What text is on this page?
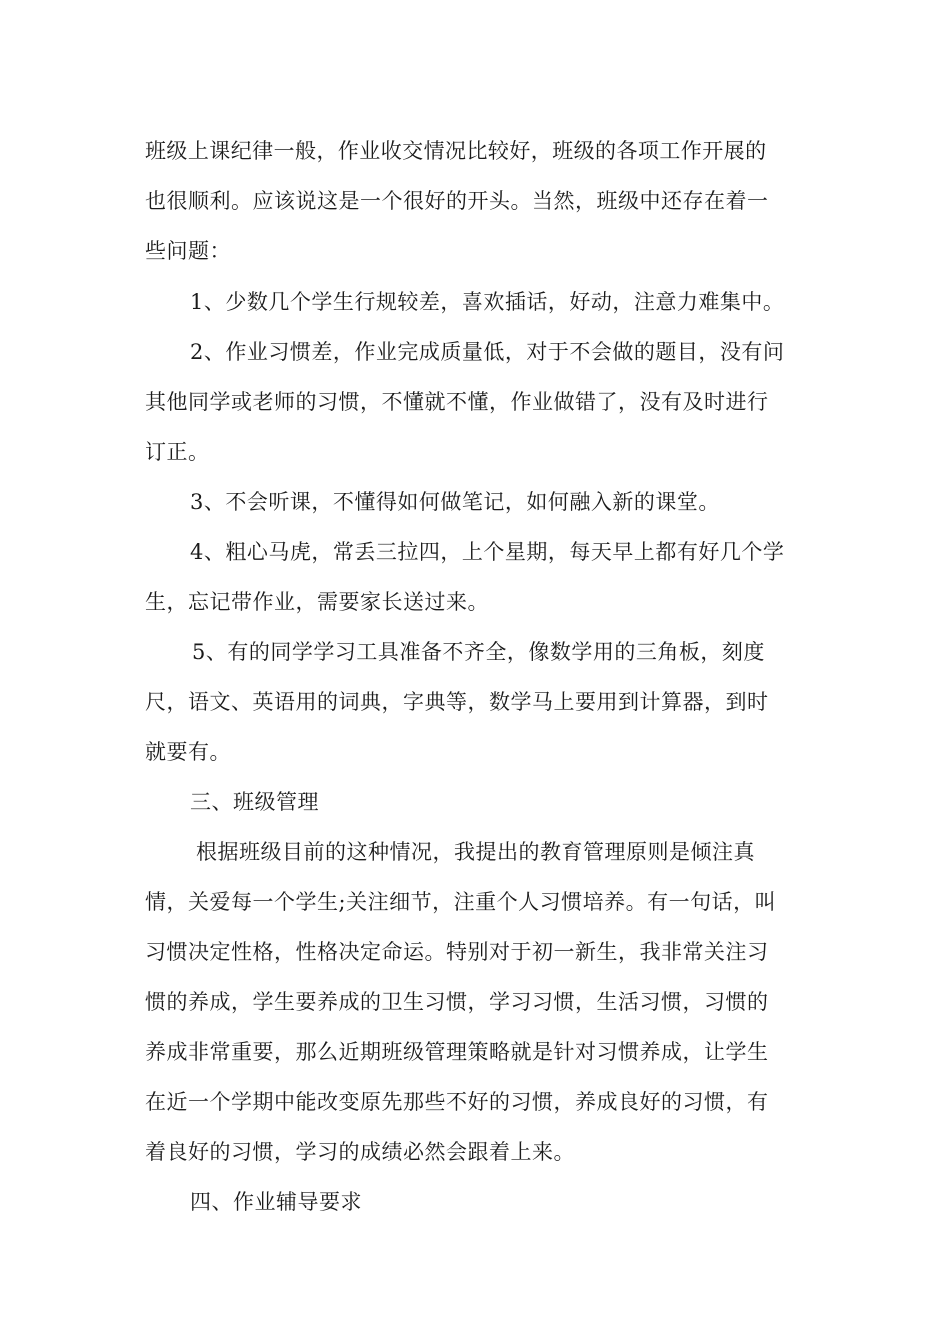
班级上课纪律一般，作业收交情况比较好，班级的各项工作开展的
也很顺利。应该说这是一个很好的开头。当然，班级中还存在着一
些问题：
1、少数几个学生行规较差，喜欢插话，好动，注意力难集中。
2、作业习惯差，作业完成质量低，对于不会做的题目，没有问
其他同学或老师的习惯，不懂就不懂，作业做错了，没有及时进行
订正。
3、不会听课，不懂得如何做笔记，如何融入新的课堂。
4、粗心马虎，常丢三拉四，上个星期，每天早上都有好几个学
生，忘记带作业，需要家长送过来。
5、有的同学学习工具准备不齐全，像数学用的三角板，刻度
尺，语文、英语用的词典，字典等，数学马上要用到计算器，到时
就要有。
三、班级管理
根据班级目前的这种情况，我提出的教育管理原则是倾注真
情，关爱每一个学生;关注细节，注重个人习惯培养。有一句话，叫
习惯决定性格，性格决定命运。特别对于初一新生，我非常关注习
惯的养成，学生要养成的卫生习惯，学习习惯，生活习惯，习惯的
养成非常重要，那么近期班级管理策略就是针对习惯养成，让学生
在近一个学期中能改变原先那些不好的习惯，养成良好的习惯，有
着良好的习惯，学习的成绩必然会跟着上来。
四、作业辅导要求
